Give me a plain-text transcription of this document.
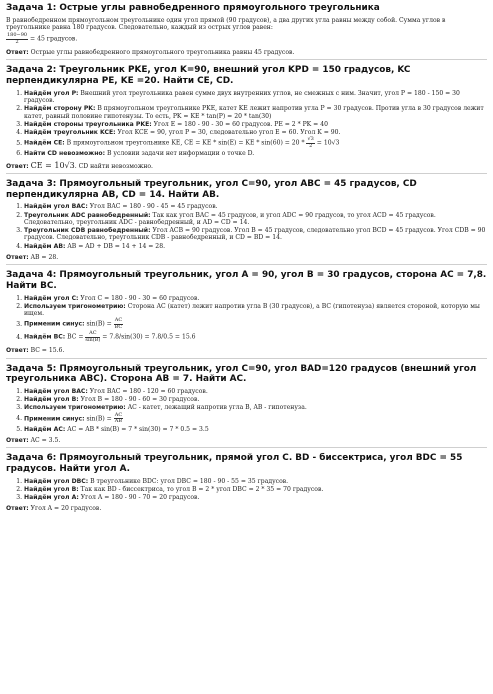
Задача 1: Острые углы равнобедренного прямоугольного треугольника

В равнобедренном прямоугольном треугольнике один угол прямой (90 градусов), а два других угла равны между собой. Сумма углов в треугольнике равна 180 градусов. Следовательно, каждый из острых углов равен:

$\frac{180-90}{2} = 45$ градусов.

Ответ: Острые углы равнобедренного прямоугольного треугольника равны 45 градусов.

Задача 2: Треугольник PKE, угол K=90, внешний угол KPD = 150 градусов, KC перпендикулярна PE, KE =20. Найти CE, CD.
1. Найдём угол P: Внешний угол треугольника равен сумме двух внутренних углов, не смежных с ним. Значит, угол P = 180 - 150 = 30 градусов.
2. Найдём сторону PK: В прямоугольном треугольнике PKE, катет KE лежит напротив угла P = 30 градусов. Против угла в 30 градусов лежит катет, равный половине гипотенузы. То есть, PK = KE * tan(P) = 20 * tan(30)
3. Найдём стороны треугольника PKE: Угол E = 180 - 90 - 30 = 60 градусов. PE = 2 * PK = 40
4. Найдём треугольник KCE: Угол KCE = 90, угол P = 30, следовательно угол E = 60. Угол K = 90.
5. Найдём CE: В прямоугольном треугольнике KE, CE = KE * sin(E) = KE * $\sin(60) = 20 * \frac{√3}{2} = 10√3$
6. Найти CD невозможно: В условии задачи нет информации о точке D.

Ответ: CE = 10√3. CD найти невозможно.

Задача 3: Прямоугольный треугольник, угол С=90, угол ABC = 45 градусов, CD перпендикулярна AB, CD = 14. Найти AB.
1. Найдём угол BAC: Угол BAC = 180 - 90 - 45 = 45 градусов.
2. Треугольник ADC равнобедренный: Так как угол BAC = 45 градусов, и угол ADC = 90 градусов, то угол ACD = 45 градусов. Следовательно, треугольник ADC - равнобедренный, и AD = CD = 14.
3. Треугольник CDB равнобедренный: Угол ACB = 90 градусов. Угол B = 45 градусов, следовательно угол BCD = 45 градусов. Угол CDB = 90 градусов. Следовательно, треугольник CDB - равнобедренный, и CD = BD = 14.
4. Найдём AB: AB = AD + DB = 14 + 14 = 28.

Ответ: AB = 28.

Задача 4: Прямоугольный треугольник, угол A = 90, угол B = 30 градусов, сторона AC = 7,8. Найти BC.
1. Найдём угол C: Угол C = 180 - 90 - 30 = 60 градусов.
2. Используем тригонометрию: Сторона AC (катет) лежит напротив угла B (30 градусов), а BC (гипотенуза) является стороной, которую мы ищем.
3. Применим синус: $\sin(B) = \frac{AC}{BC}$
4. Найдём BC: BC = $\frac{AC}{\sin(B)} = 7.8/\sin(30) = 7.8/0.5 = 15.6$

Ответ: BC = 15.6.

Задача 5: Прямоугольный треугольник, угол C=90, угол BAD=120 градусов (внешний угол треугольника ABC). Сторона AB = 7. Найти AC.
1. Найдём угол BAC: Угол BAC = 180 - 120 = 60 градусов.
2. Найдём угол B: Угол B = 180 - 90 - 60 = 30 градусов.
3. Используем тригонометрию: AC - катет, лежащий напротив угла B, AB - гипотенуза.
4. Применим синус: $\sin(B) = \frac{AC}{AB}$
5. Найдём AC: AC = AB * sin(B) = 7 * sin(30) = 7 * 0.5 = 3.5

Ответ: AC = 3.5.

Задача 6: Прямоугольный треугольник, прямой угол C. BD - биссектриса, угол BDC = 55 градусов. Найти угол A.
1. Найдём угол DBC: В треугольнике BDC: угол DBC = 180 - 90 - 55 = 35 градусов.
2. Найдём угол B: Так как BD - биссектриса, то угол B = 2 * угол DBC = 2 * 35 = 70 градусов.
3. Найдём угол A: Угол A = 180 - 90 - 70 = 20 градусов.

Ответ: Угол A = 20 градусов.
